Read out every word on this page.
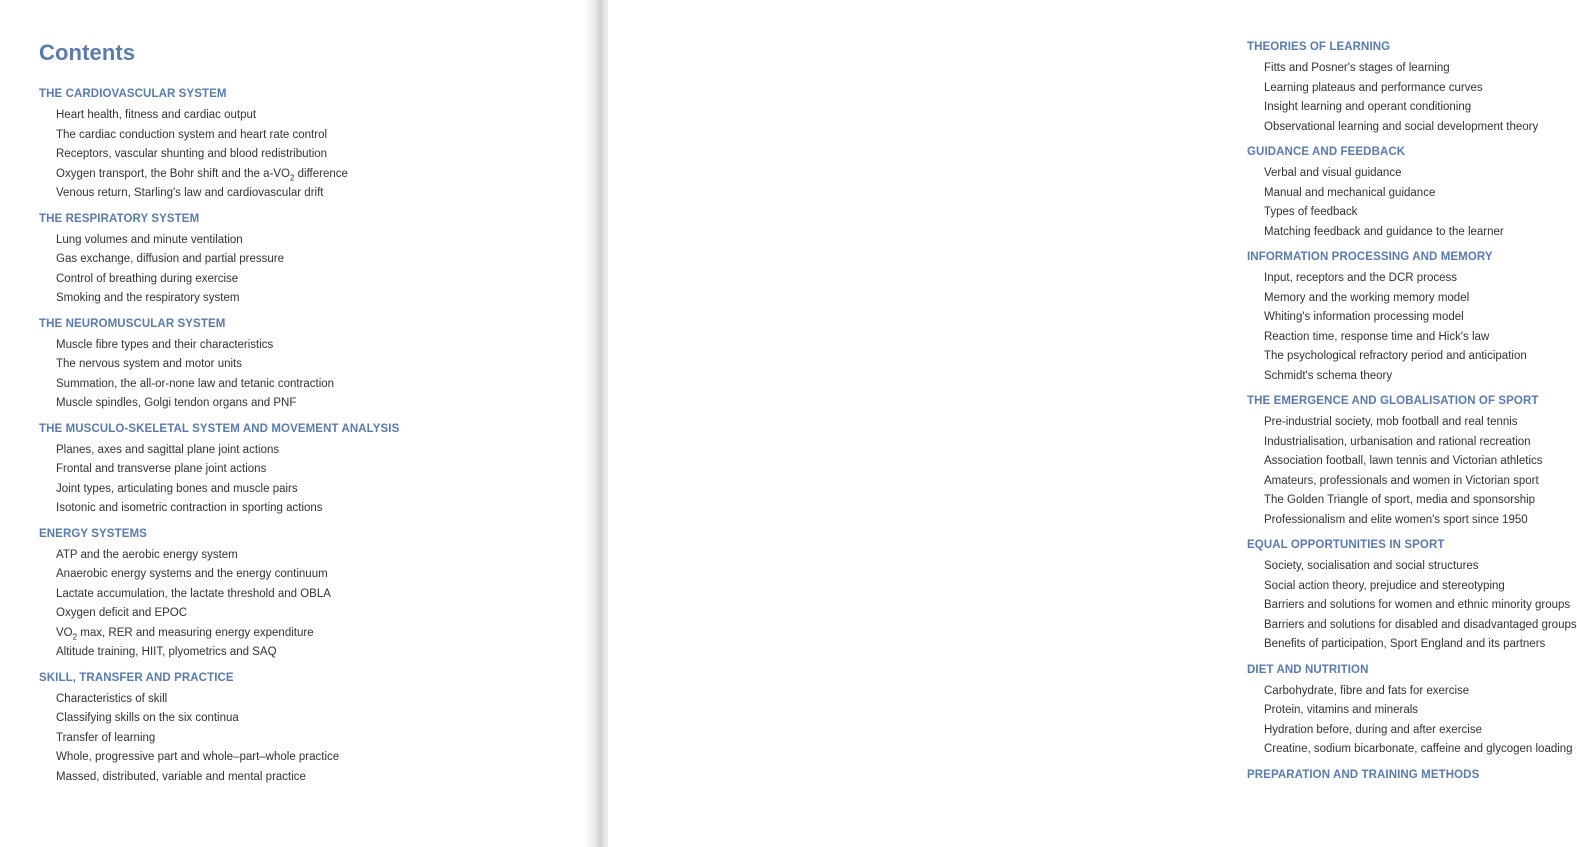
Contents
THE CARDIOVASCULAR SYSTEM
Heart health, fitness and cardiac output
The cardiac conduction system and heart rate control
Receptors, vascular shunting and blood redistribution
Oxygen transport, the Bohr shift and the $a-VO_2$ difference
Venous return, Starling's law and cardiovascular drift
THE RESPIRATORY SYSTEM
Lung volumes and minute ventilation
Gas exchange, diffusion and partial pressure
Control of breathing during exercise
Smoking and the respiratory system
THE NEUROMUSCULAR SYSTEM
Muscle fibre types and their characteristics
The nervous system and motor units
Summation, the all-or-none law and tetanic contraction
Muscle spindles, Golgi tendon organs and PNF
THE MUSCULO-SKELETAL SYSTEM AND MOVEMENT ANALYSIS
Planes, axes and sagittal plane joint actions
Frontal and transverse plane joint actions
Joint types, articulating bones and muscle pairs
Isotonic and isometric contraction in sporting actions
ENERGY SYSTEMS
ATP and the aerobic energy system
Anaerobic energy systems and the energy continuum
Lactate accumulation, the lactate threshold and OBLA
Oxygen deficit and EPOC
$VO_2$ max, RER and measuring energy expenditure
Altitude training, HIIT, plyometrics and SAQ
SKILL, TRANSFER AND PRACTICE
Characteristics of skill
Classifying skills on the six continua
Transfer of learning
Whole, progressive part and whole–part–whole practice
Massed, distributed, variable and mental practice
THEORIES OF LEARNING
Fitts and Posner's stages of learning
Learning plateaus and performance curves
Insight learning and operant conditioning
Observational learning and social development theory
GUIDANCE AND FEEDBACK
Verbal and visual guidance
Manual and mechanical guidance
Types of feedback
Matching feedback and guidance to the learner
INFORMATION PROCESSING AND MEMORY
Input, receptors and the DCR process
Memory and the working memory model
Whiting's information processing model
Reaction time, response time and Hick's law
The psychological refractory period and anticipation
Schmidt's schema theory
THE EMERGENCE AND GLOBALISATION OF SPORT
Pre-industrial society, mob football and real tennis
Industrialisation, urbanisation and rational recreation
Association football, lawn tennis and Victorian athletics
Amateurs, professionals and women in Victorian sport
The Golden Triangle of sport, media and sponsorship
Professionalism and elite women's sport since 1950
EQUAL OPPORTUNITIES IN SPORT
Society, socialisation and social structures
Social action theory, prejudice and stereotyping
Barriers and solutions for women and ethnic minority groups
Barriers and solutions for disabled and disadvantaged groups
Benefits of participation, Sport England and its partners
DIET AND NUTRITION
Carbohydrate, fibre and fats for exercise
Protein, vitamins and minerals
Hydration before, during and after exercise
Creatine, sodium bicarbonate, caffeine and glycogen loading
PREPARATION AND TRAINING METHODS
